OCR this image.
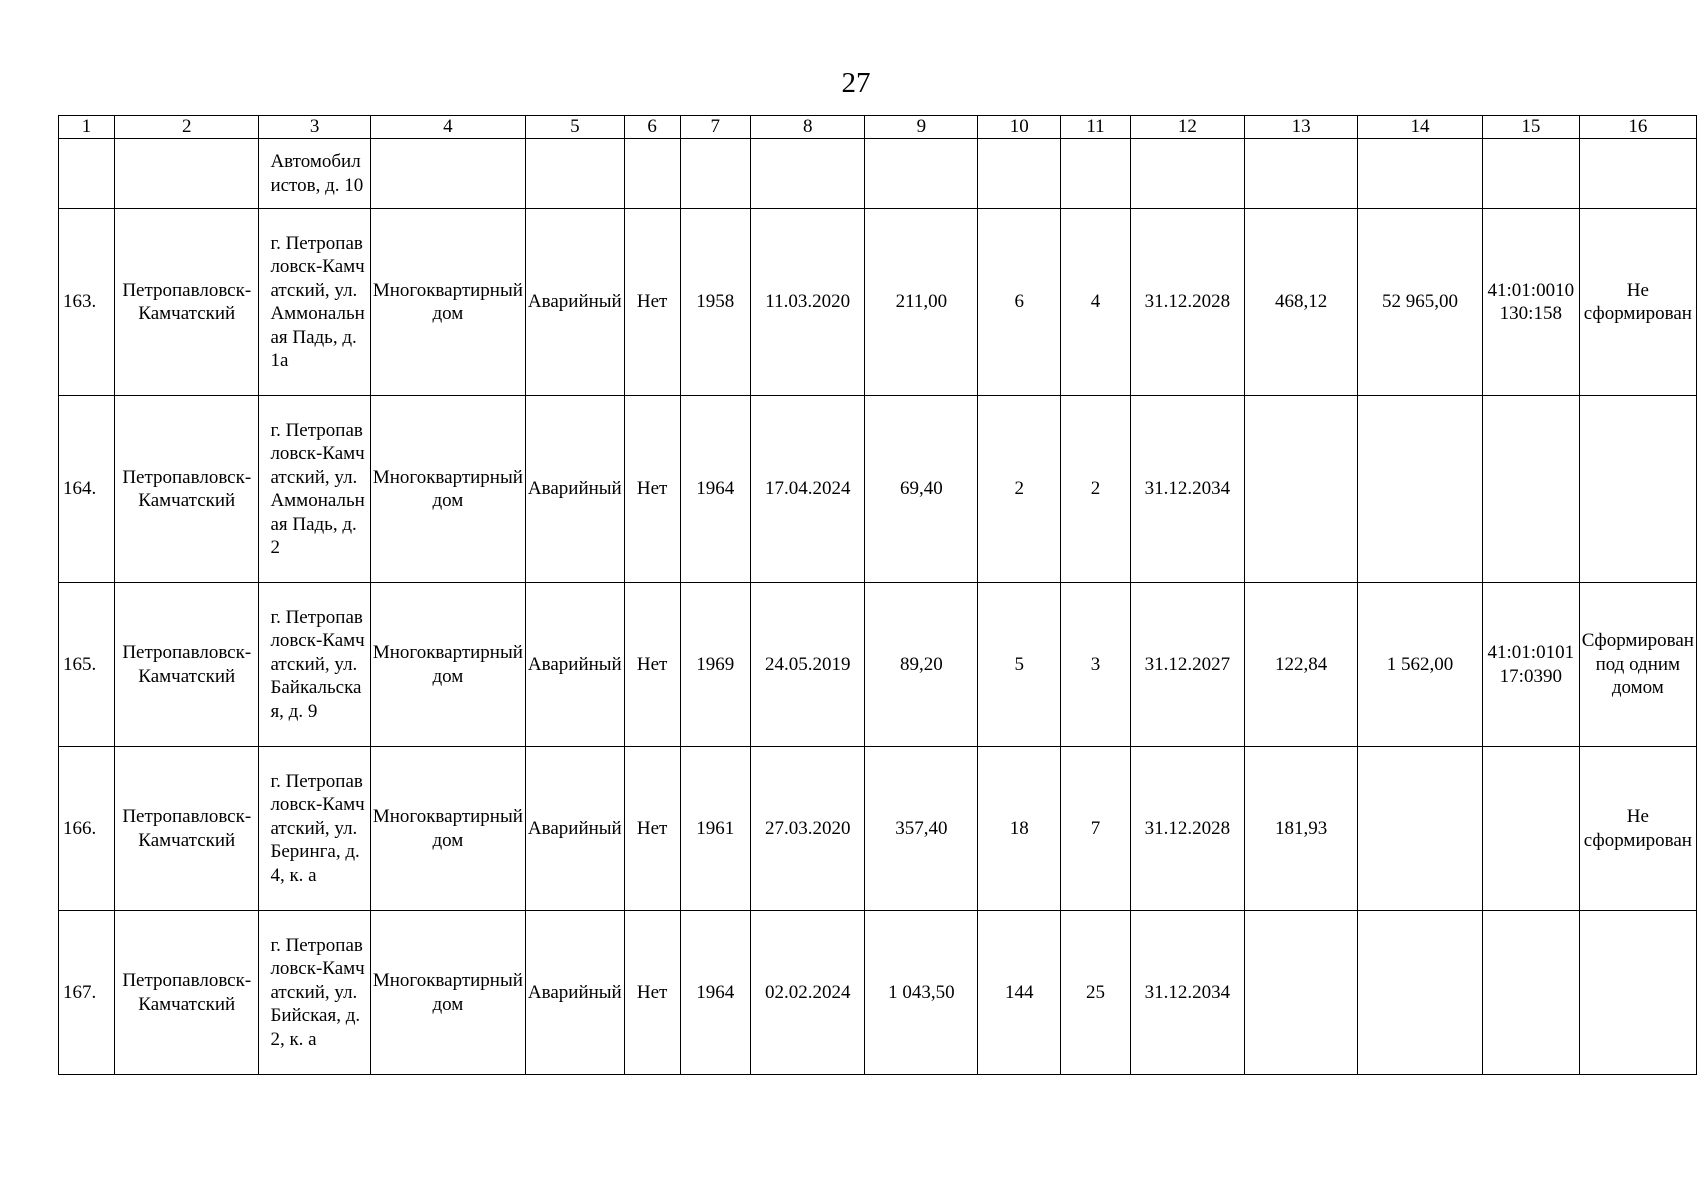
27
1	2	3	4	5	6	7	8	9	10	11	12	13	14	15	16
		Автомобилистов, д. 10													
163.	Петропавловск-Камчатский	г. Петропавловск-Камчатский, ул. Аммональная Падь, д. 1а	Многоквартирный дом	Аварийный	Нет	1958	11.03.2020	211,00	6	4	31.12.2028	468,12	52 965,00	41:01:0010130:158	Не сформирован
164.	Петропавловск-Камчатский	г. Петропавловск-Камчатский, ул. Аммональная Падь, д. 2	Многоквартирный дом	Аварийный	Нет	1964	17.04.2024	69,40	2	2	31.12.2034				
165.	Петропавловск-Камчатский	г. Петропавловск-Камчатский, ул. Байкальская, д. 9	Многоквартирный дом	Аварийный	Нет	1969	24.05.2019	89,20	5	3	31.12.2027	122,84	1 562,00	41:01:010117:0390	Сформирован под одним домом
166.	Петропавловск-Камчатский	г. Петропавловск-Камчатский, ул. Беринга, д. 4, к. а	Многоквартирный дом	Аварийный	Нет	1961	27.03.2020	357,40	18	7	31.12.2028	181,93			Не сформирован
167.	Петропавловск-Камчатский	г. Петропавловск-Камчатский, ул. Бийская, д. 2, к. а	Многоквартирный дом	Аварийный	Нет	1964	02.02.2024	1 043,50	144	25	31.12.2034				
